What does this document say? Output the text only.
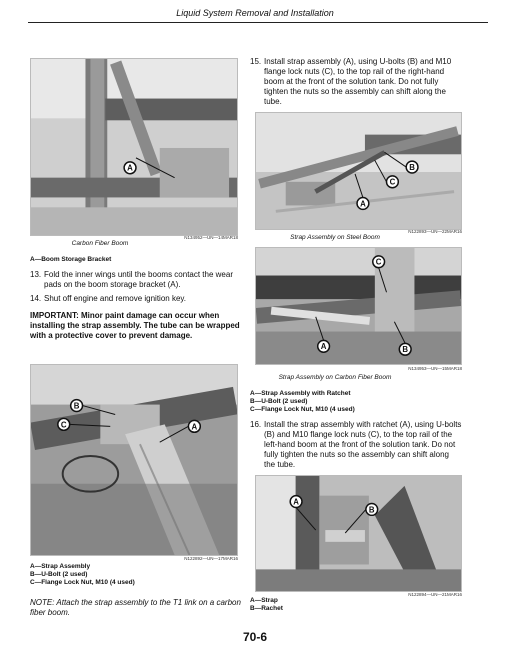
Liquid System Removal and Installation
A
N134952—UN—14MAR18
Carbon Fiber Boom
A—Boom Storage Bracket
13. Fold the inner wings until the booms contact the wear pads on the boom storage bracket (A).
14. Shut off engine and remove ignition key.
IMPORTANT: Minor paint damage can occur when installing the strap assembly. The tube can be wrapped with a protective cover to prevent damage.
B
C	A
N122892—UN—17MAR16
A—Strap Assembly
B—U-Bolt (2 used)
C—Flange Lock Nut, M10 (4 used)
NOTE: Attach the strap assembly to the T1 link on a carbon fiber boom.
15. Install strap assembly (A), using U-bolts (B) and M10 flange lock nuts (C), to the top rail of the right-hand boom at the front of the solution tank. Do not fully tighten the nuts so the assembly can shift along the tube.
B
C
A
N122893—UN—22MAR16
Strap Assembly on Steel Boom
C
A	B
N134953—UN—15MAR18
Strap Assembly on Carbon Fiber Boom
A—Strap Assembly with Ratchet
B—U-Bolt (2 used)
C—Flange Lock Nut, M10 (4 used)
16. Install the strap assembly with ratchet (A), using U-bolts (B) and M10 flange lock nuts (C), to the top rail of the left-hand boom at the front of the solution tank. Do not fully tighten the nuts so the assembly can shift along the tube.
A
B
N122894—UN—21MAR16
A—Strap
B—Rachet
70-6
